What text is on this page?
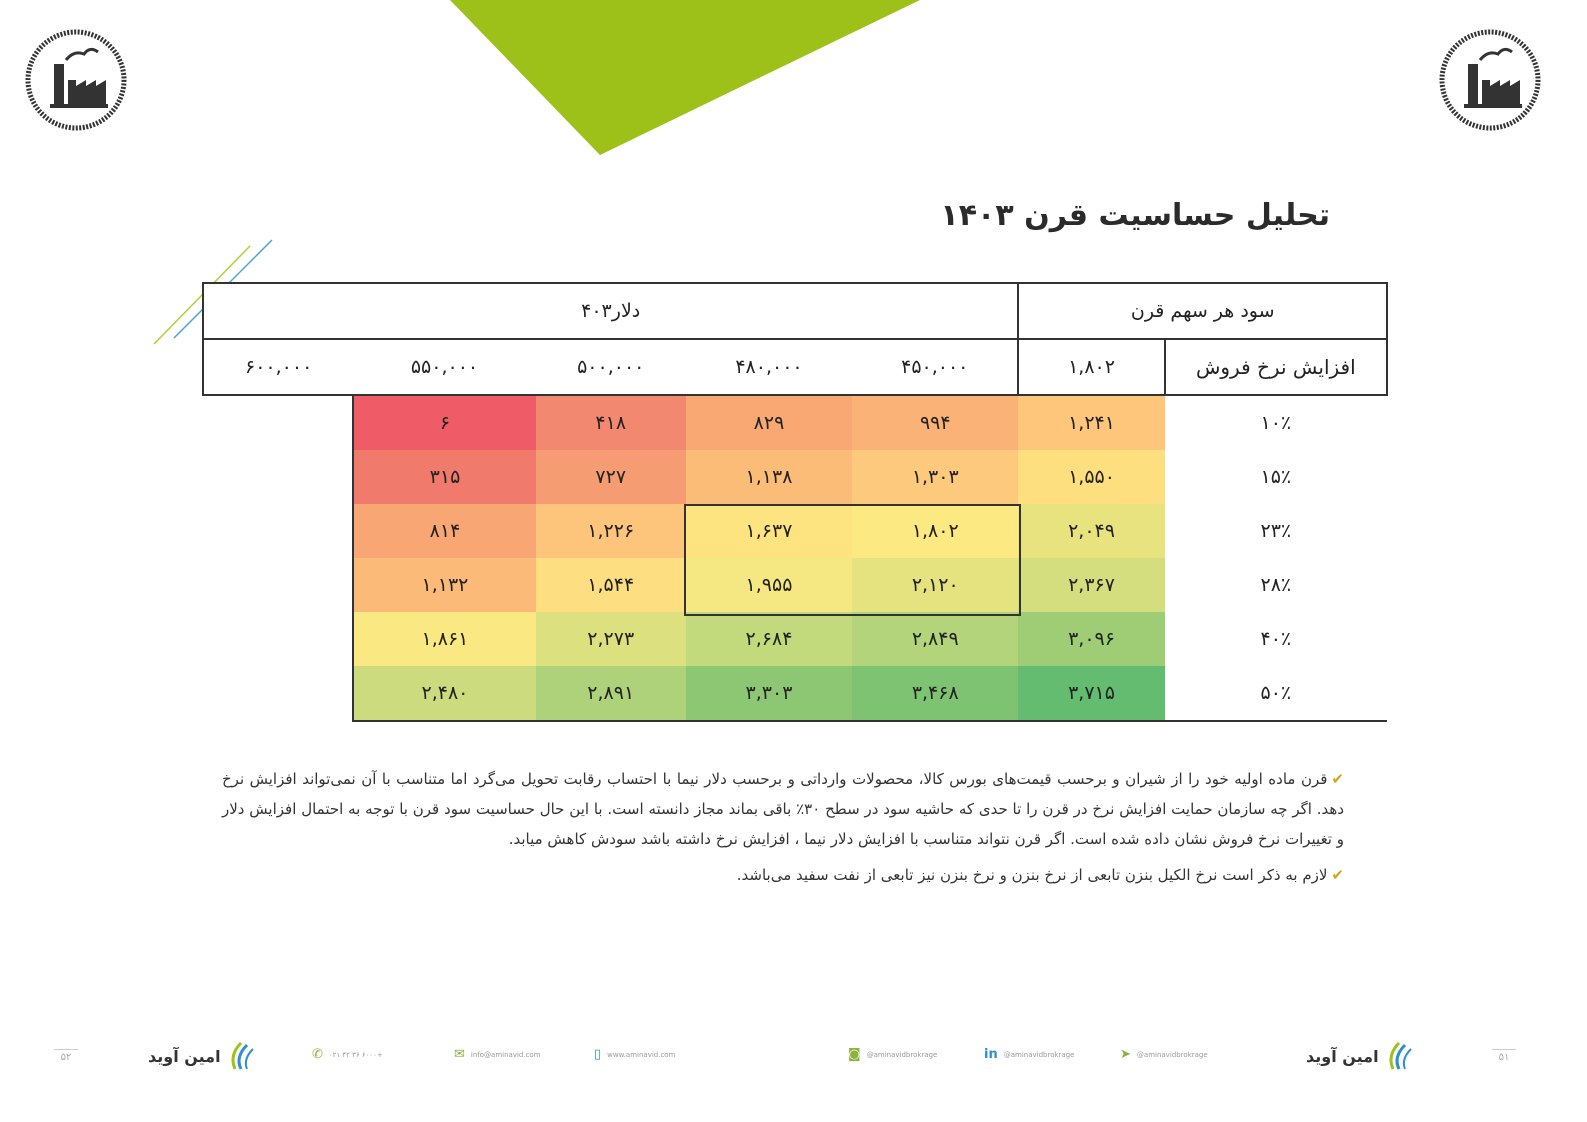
تحلیل حساسیت قرن ۱۴۰۳
سود هر سهم قرن		دلار۴۰۳				
افزایش نرخ فروش	۱,۸۰۲	۴۵۰,۰۰۰	۴۸۰,۰۰۰	۵۰۰,۰۰۰	۵۵۰,۰۰۰	۶۰۰,۰۰۰
۱۰٪	۱,۲۴۱	۹۹۴	۸۲۹	۴۱۸	۶	
۱۵٪	۱,۵۵۰	۱,۳۰۳	۱,۱۳۸	۷۲۷	۳۱۵	
۲۳٪	۲,۰۴۹	۱,۸۰۲	۱,۶۳۷	۱,۲۲۶	۸۱۴	
۲۸٪	۲,۳۶۷	۲,۱۲۰	۱,۹۵۵	۱,۵۴۴	۱,۱۳۲	
۴۰٪	۳,۰۹۶	۲,۸۴۹	۲,۶۸۴	۲,۲۷۳	۱,۸۶۱	
۵۰٪	۳,۷۱۵	۳,۴۶۸	۳,۳۰۳	۲,۸۹۱	۲,۴۸۰	

✔قرن ماده اولیه خود را از شیران و برحسب قیمت‌های بورس کالا، محصولات وارداتی و برحسب دلار نیما با احتساب رقابت تحویل می‌گرد اما متناسب با آن نمی‌تواند افزایش نرخ دهد. اگر چه سازمان حمایت افزایش نرخ در قرن را تا حدی که حاشیه سود در سطح ۳۰٪ باقی بماند مجاز دانسته است. با این حال حساسیت سود قرن با توجه به احتمال افزایش دلار و تغییرات نرخ فروش نشان داده شده است. اگر قرن نتواند متناسب با افزایش دلار نیما ، افزایش نرخ داشته باشد سودش کاهش میابد.

✔لازم به ذکر است نرخ الکیل بنزن تابعی از نرخ بنزن و نرخ بنزن نیز تابعی از نفت سفید می‌باشد.

۵۲	امین آوید	✆ ۰۲۱ ۴۲ ۳۶ ۶۰۰۰+	✉ info@aminavid.com	▯ www.aminavid.com	◙ @aminavidbrokrage	in @aminavidbrokrage	➤ @aminavidbrokrage	امین آوید	۵۱
